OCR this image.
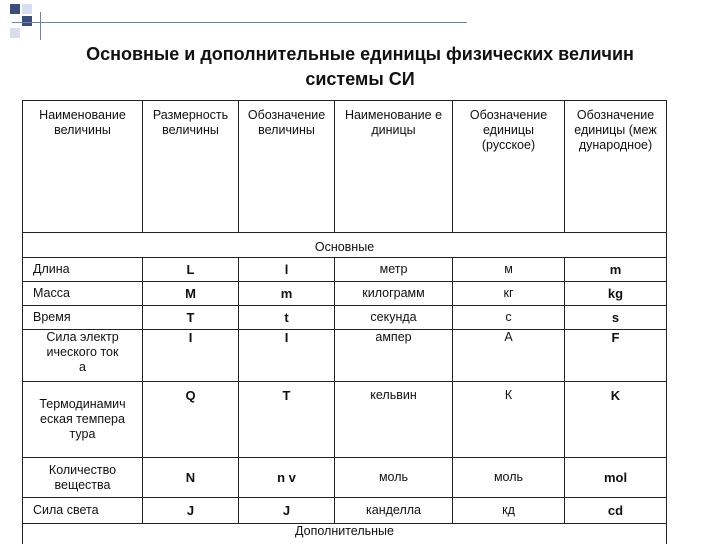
Основные и дополнительные единицы физических величин
системы СИ
Наименование величины	Размерность величины	Обозначение величины	Наименование единицы	Обозначение единицы (русское)	Обозначение единицы (международное)
Основные					
Длина	L	l	метр	м	m
Масса	M	m	килограмм	кг	kg
Время	T	t	секунда	с	s
Сила электрического тока	I	I	ампер	А	F
Термодинамическая температура	Q	T	кельвин	К	K
Количество вещества	N	n v	моль	моль	mol
Сила света	J	J	канделла	кд	cd
Дополнительные					
